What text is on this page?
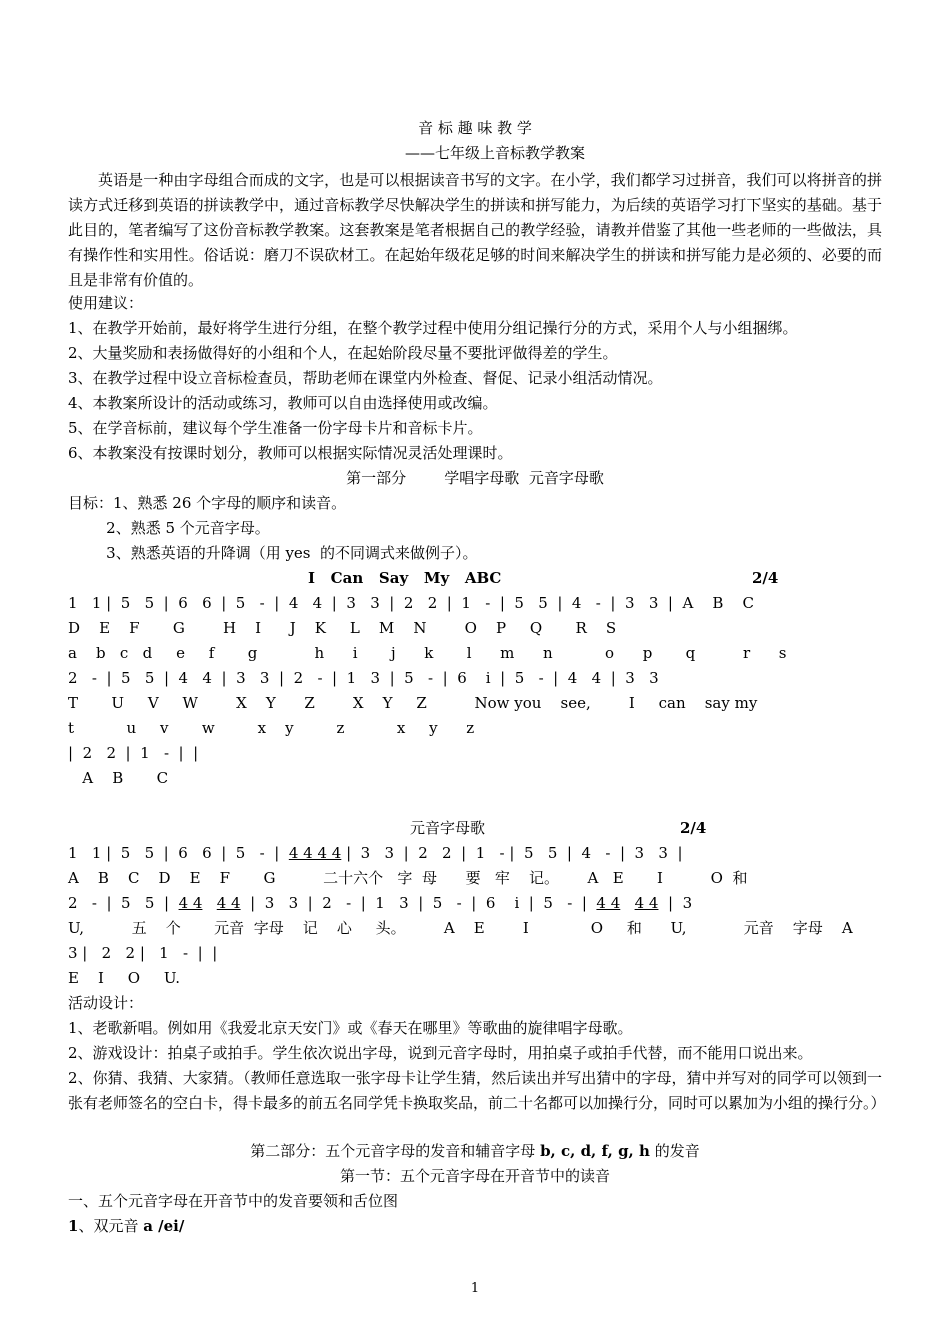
音 标 趣 味 教 学
——七年级上音标教学教案
英语是一种由字母组合而成的文字，也是可以根据读音书写的文字。在小学，我们都学习过拼音，我们可以将拼音的拼读方式迁移到英语的拼读教学中，通过音标教学尽快解决学生的拼读和拼写能力，为后续的英语学习打下坚实的基础。基于此目的，笔者编写了这份音标教学教案。这套教案是笔者根据自己的教学经验，请教并借鉴了其他一些老师的一些做法，具有操作性和实用性。俗话说：磨刀不误砍材工。在起始年级花足够的时间来解决学生的拼读和拼写能力是必须的、必要的而且是非常有价值的。
使用建议：
1、在教学开始前，最好将学生进行分组，在整个教学过程中使用分组记操行分的方式，采用个人与小组捆绑。
2、大量奖励和表扬做得好的小组和个人，在起始阶段尽量不要批评做得差的学生。
3、在教学过程中设立音标检查员，帮助老师在课堂内外检查、督促、记录小组活动情况。
4、本教案所设计的活动或练习，教师可以自由选择使用或改编。
5、在学音标前，建议每个学生准备一份字母卡片和音标卡片。
6、本教案没有按课时划分，教师可以根据实际情况灵活处理课时。
第一部分        学唱字母歌  元音字母歌
目标：1、熟悉 26 个字母的顺序和读音。
2、熟悉 5 个元音字母。
3、熟悉英语的升降调（用 yes  的不同调式来做例子）。
I   Can   Say   My   ABC	2/4
1   1 |  5   5  |  6   6  |  5   -  |  4   4  |  3   3  |  2   2  |  1   -  |  5   5  |  4   -  |  3   3  |  A    B    C
D    E    F       G        H    I      J    K     L    M    N        O    P     Q       R    S
a    b   c   d     e     f       g            h      i       j      k       l      m      n           o      p       q          r      s
2   -  |  5   5  |  4   4  |  3   3  |  2   -  |  1   3  |  5   -  |  6    i  |  5   -  |  4   4  |  3   3
T       U     V     W        X    Y      Z        X    Y     Z          Now you    see,        I     can    say my
t           u     v       w         x    y         z           x     y      z
|  2   2  |  1   -  |  |
A    B       C
元音字母歌	2/4
1   1 |  5   5  |  6   6  |  5   -  |  4 4 4 4 |  3   3  |  2   2  |  1   - |  5   5  |  4   -  |  3   3  |
A    B    C    D    E    F       G          二十六个   字  母      要   牢    记。      A   E       I          O  和
2   -  |  5   5  |  4 4 4 4  |  3   3  |  2   -  |  1   3  |  5   -  |  6    i  |  5   -  |  4 4 4 4  |  3
U,          五    个       元音  字母    记    心     头。        A    E        I             O     和      U,            元音    字母    A
3 |   2   2 |   1   -  |  |
E    I     O     U.
活动设计：
1、老歌新唱。例如用《我爱北京天安门》或《春天在哪里》等歌曲的旋律唱字母歌。
2、游戏设计：拍桌子或拍手。学生依次说出字母，说到元音字母时，用拍桌子或拍手代替，而不能用口说出来。
2、你猜、我猜、大家猜。（教师任意选取一张字母卡让学生猜，然后读出并写出猜中的字母，猜中并写对的同学可以领到一张有老师签名的空白卡，得卡最多的前五名同学凭卡换取奖品，前二十名都可以加操行分，同时可以累加为小组的操行分。）
第二部分：五个元音字母的发音和辅音字母 b, c, d, f, g, h 的发音
第一节：五个元音字母在开音节中的读音
一、五个元音字母在开音节中的发音要领和舌位图
1、双元音 a /ei/
1
